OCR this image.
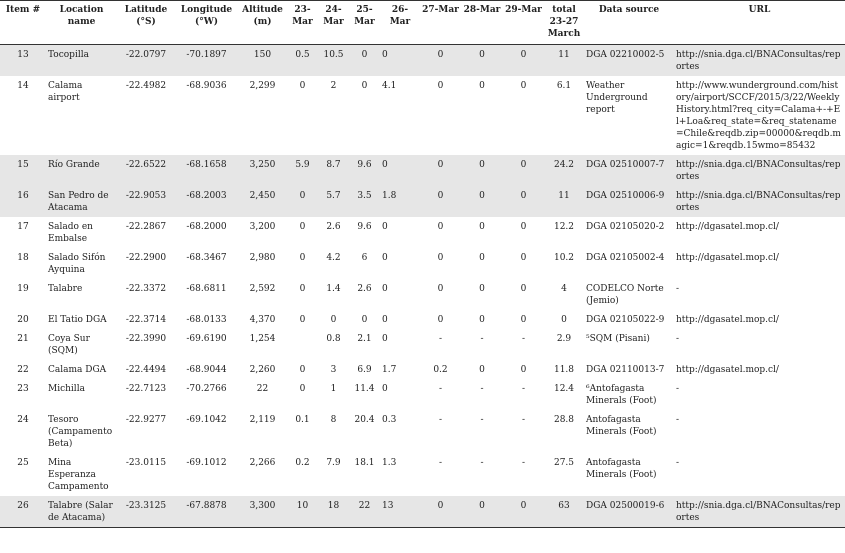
Item #	Location name	Latitude (°S)	Longitude (°W)	Altitude (m)	23-Mar	24-Mar	25-Mar	26-Mar	27-Mar	28-Mar	29-Mar	total 23-27 March	Data source	URL
13	Tocopilla	-22.0797	-70.1897	150	0.5	10.5	0	0	0	0	0	11	DGA 02210002-5	http://snia.dga.cl/BNAConsultas/reportes
14	Calama airport	-22.4982	-68.9036	2,299	0	2	0	4.1	0	0	0	6.1	Weather Underground report	http://www.wunderground.com/history/airport/SCCF/2015/3/22/WeeklyHistory.html?req_city=Calama+-+El+Loa&req_state=&req_statename=Chile&reqdb.zip=00000&reqdb.magic=1&reqdb.15wmo=85432
15	Río Grande	-22.6522	-68.1658	3,250	5.9	8.7	9.6	0	0	0	0	24.2	DGA 02510007-7	http://snia.dga.cl/BNAConsultas/reportes
16	San Pedro de Atacama	-22.9053	-68.2003	2,450	0	5.7	3.5	1.8	0	0	0	11	DGA 02510006-9	http://snia.dga.cl/BNAConsultas/reportes
17	Salado en Embalse	-22.2867	-68.2000	3,200	0	2.6	9.6	0	0	0	0	12.2	DGA 02105020-2	http://dgasatel.mop.cl/
18	Salado Sifón Ayquina	-22.2900	-68.3467	2,980	0	4.2	6	0	0	0	0	10.2	DGA 02105002-4	http://dgasatel.mop.cl/
19	Talabre	-22.3372	-68.6811	2,592	0	1.4	2.6	0	0	0	0	4	CODELCO Norte (Jemio)	-
20	El Tatio DGA	-22.3714	-68.0133	4,370	0	0	0	0	0	0	0	0	DGA 02105022-9	http://dgasatel.mop.cl/
21	Coya Sur (SQM)	-22.3990	-69.6190	1,254		0.8	2.1	0	-	-	-	2.9	⁵SQM (Pisani)	-
22	Calama DGA	-22.4494	-68.9044	2,260	0	3	6.9	1.7	0.2	0	0	11.8	DGA 02110013-7	http://dgasatel.mop.cl/
23	Michilla	-22.7123	-70.2766	22	0	1	11.4	0	-	-	-	12.4	⁶Antofagasta Minerals (Foot)	-
24	Tesoro (Campamento Beta)	-22.9277	-69.1042	2,119	0.1	8	20.4	0.3	-	-	-	28.8	Antofagasta Minerals (Foot)	-
25	Mina Esperanza Campamento	-23.0115	-69.1012	2,266	0.2	7.9	18.1	1.3	-	-	-	27.5	Antofagasta Minerals (Foot)	-
26	Talabre (Salar de Atacama)	-23.3125	-67.8878	3,300	10	18	22	13	0	0	0	63	DGA 02500019-6	http://snia.dga.cl/BNAConsultas/reportes
